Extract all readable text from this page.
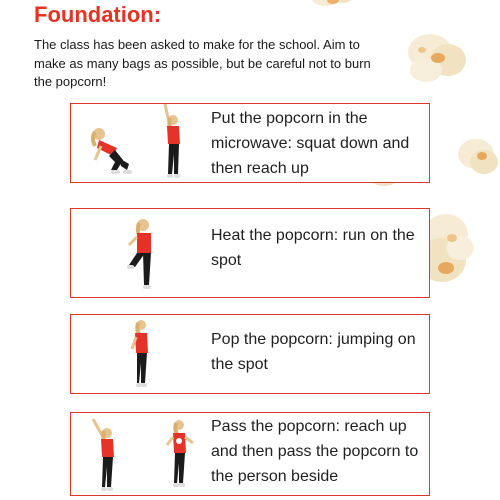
Foundation:
The class has been asked to make for the school. Aim to make as many bags as possible, but be careful not to burn the popcorn!
Put the popcorn in the microwave: squat down and then reach up
Heat the popcorn: run on the spot
Pop the popcorn: jumping on the spot
Pass the popcorn: reach up and then pass the popcorn to the person beside
